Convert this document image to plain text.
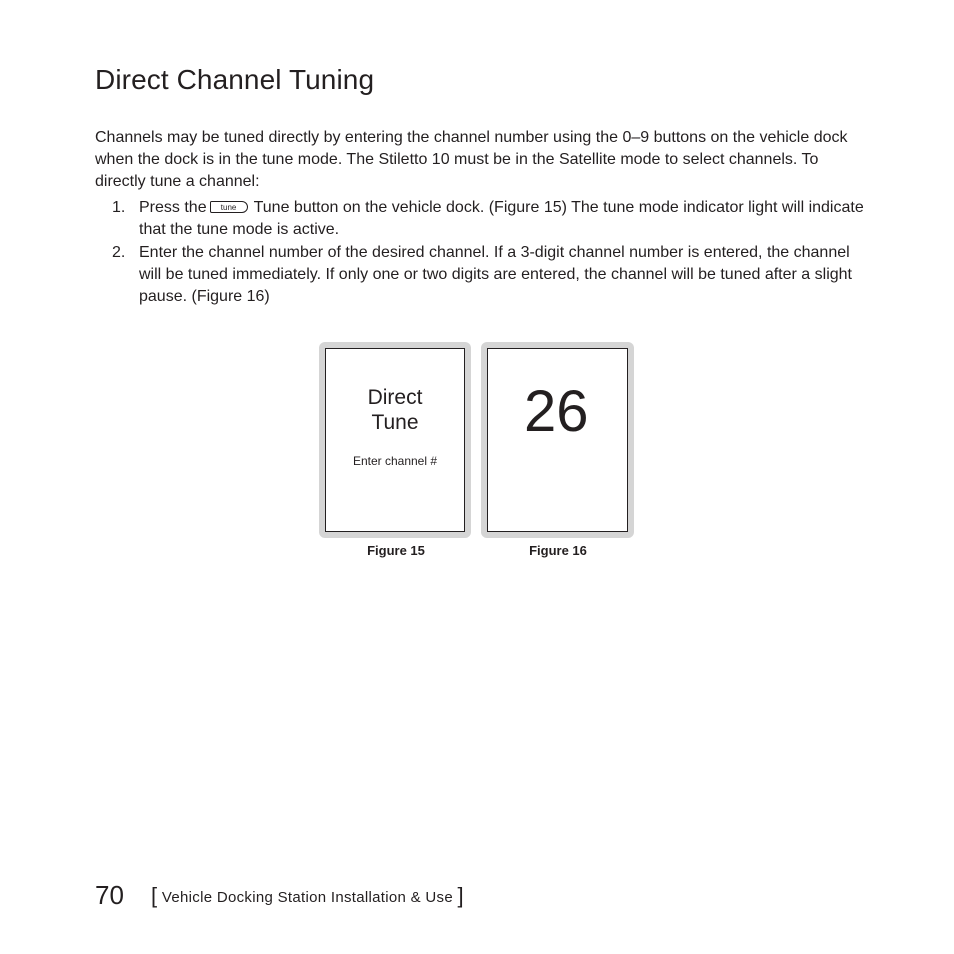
Direct Channel Tuning

Channels may be tuned directly by entering the channel number using the 0–9 buttons on the vehicle dock when the dock is in the tune mode. The Stiletto 10 must be in the Satellite mode to select channels. To directly tune a channel:

1. Press the tune Tune button on the vehicle dock. (Figure 15) The tune mode indicator light will indicate that the tune mode is active.
2. Enter the channel number of the desired channel. If a 3-digit channel number is entered, the channel will be tuned immediately. If only one or two digits are entered, the channel will be tuned after a slight pause. (Figure 16)
Direct Tune
Enter channel #
26
Figure 15	Figure 16
70 [ Vehicle Docking Station Installation & Use ]
